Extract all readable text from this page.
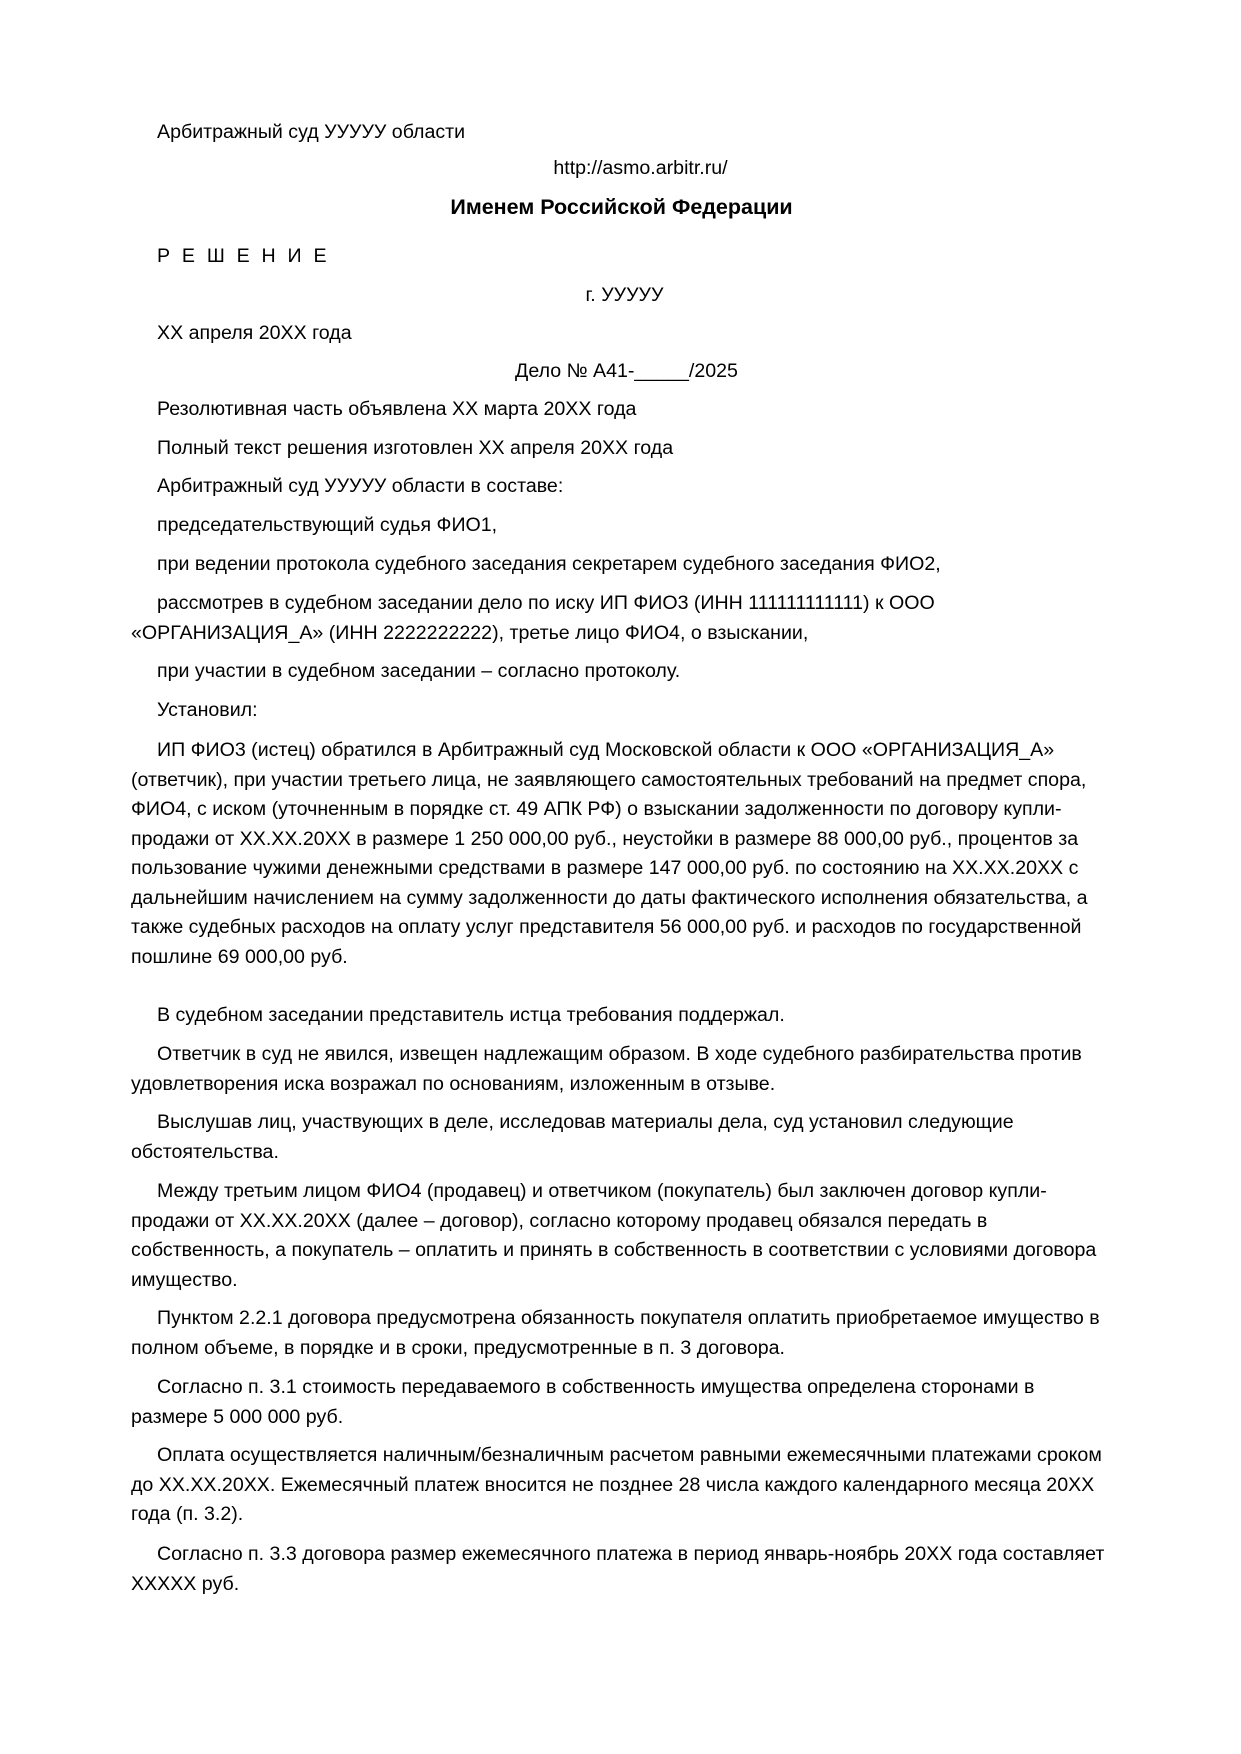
Арбитражный суд УУУУУ области

http://asmo.arbitr.ru/

Именем Российской Федерации

Р Е Ш Е Н И Е

г. УУУУУ

ХХ апреля 20ХХ года

Дело № А41-_____/2025

Резолютивная часть объявлена ХХ марта 20ХХ года

Полный текст решения изготовлен ХХ апреля 20ХХ года

Арбитражный суд УУУУУ области в составе:

председательствующий судья ФИО1,

при ведении протокола судебного заседания секретарем судебного заседания ФИО2,

рассмотрев в судебном заседании дело по иску ИП ФИО3 (ИНН 111111111111) к ООО «ОРГАНИЗАЦИЯ_А» (ИНН 2222222222), третье лицо ФИО4, о взыскании,

при участии в судебном заседании – согласно протоколу.

Установил:

ИП ФИО3 (истец) обратился в Арбитражный суд Московской области к ООО «ОРГАНИЗАЦИЯ_А» (ответчик), при участии третьего лица, не заявляющего самостоятельных требований на предмет спора, ФИО4, с иском (уточненным в порядке ст. 49 АПК РФ) о взыскании задолженности по договору купли-продажи от ХХ.ХХ.20ХХ в размере 1 250 000,00 руб., неустойки в размере 88 000,00 руб., процентов за пользование чужими денежными средствами в размере 147 000,00 руб. по состоянию на ХХ.ХХ.20ХХ с дальнейшим начислением на сумму задолженности до даты фактического исполнения обязательства, а также судебных расходов на оплату услуг представителя 56 000,00 руб. и расходов по государственной пошлине 69 000,00 руб.

В судебном заседании представитель истца требования поддержал.

Ответчик в суд не явился, извещен надлежащим образом. В ходе судебного разбирательства против удовлетворения иска возражал по основаниям, изложенным в отзыве.

Выслушав лиц, участвующих в деле, исследовав материалы дела, суд установил следующие обстоятельства.

Между третьим лицом ФИО4 (продавец) и ответчиком (покупатель) был заключен договор купли-продажи от ХХ.ХХ.20ХХ (далее – договор), согласно которому продавец обязался передать в собственность, а покупатель – оплатить и принять в собственность в соответствии с условиями договора имущество.

Пунктом 2.2.1 договора предусмотрена обязанность покупателя оплатить приобретаемое имущество в полном объеме, в порядке и в сроки, предусмотренные в п. 3 договора.

Согласно п. 3.1 стоимость передаваемого в собственность имущества определена сторонами в размере 5 000 000 руб.

Оплата осуществляется наличным/безналичным расчетом равными ежемесячными платежами сроком до ХХ.ХХ.20ХХ. Ежемесячный платеж вносится не позднее 28 числа каждого календарного месяца 20ХХ года (п. 3.2).

Согласно п. 3.3 договора размер ежемесячного платежа в период январь-ноябрь 20ХХ года составляет ХХХХХ руб.
